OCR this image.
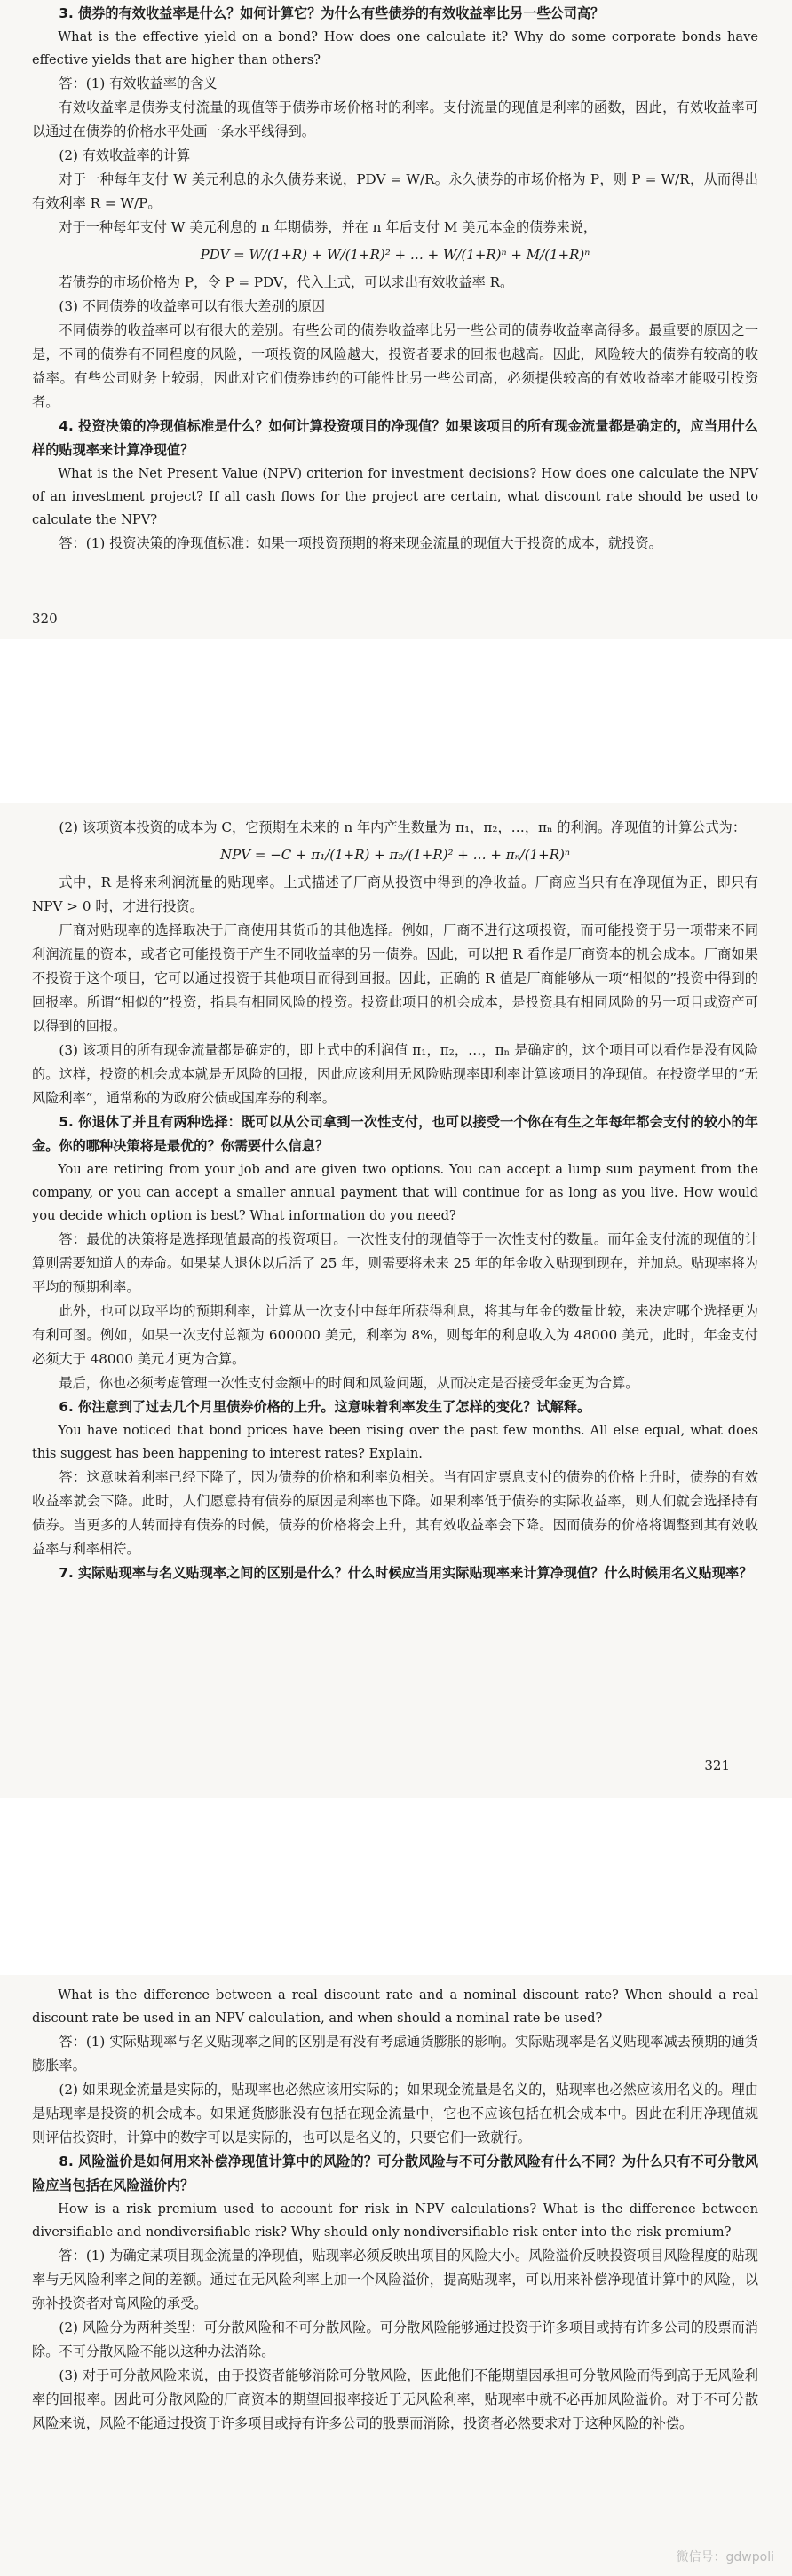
3. 债券的有效收益率是什么？如何计算它？为什么有些债券的有效收益率比另一些公司高？

What is the effective yield on a bond? How does one calculate it? Why do some corporate bonds have effective yields that are higher than others?

答：(1) 有效收益率的含义

有效收益率是债券支付流量的现值等于债券市场价格时的利率。支付流量的现值是利率的函数，因此，有效收益率可以通过在债券的价格水平处画一条水平线得到。

(2) 有效收益率的计算

对于一种每年支付 W 美元利息的永久债券来说，PDV = W/R。永久债券的市场价格为 P，则 P = W/R，从而得出有效利率 R = W/P。

对于一种每年支付 W 美元利息的 n 年期债券，并在 n 年后支付 M 美元本金的债券来说，

PDV = W/(1+R) + W/(1+R)² + … + W/(1+R)ⁿ + M/(1+R)ⁿ

若债券的市场价格为 P，令 P = PDV，代入上式，可以求出有效收益率 R。

(3) 不同债券的收益率可以有很大差别的原因

不同债券的收益率可以有很大的差别。有些公司的债券收益率比另一些公司的债券收益率高得多。最重要的原因之一是，不同的债券有不同程度的风险，一项投资的风险越大，投资者要求的回报也越高。因此，风险较大的债券有较高的收益率。有些公司财务上较弱，因此对它们债券违约的可能性比另一些公司高，必须提供较高的有效收益率才能吸引投资者。

4. 投资决策的净现值标准是什么？如何计算投资项目的净现值？如果该项目的所有现金流量都是确定的，应当用什么样的贴现率来计算净现值？

What is the Net Present Value (NPV) criterion for investment decisions? How does one calculate the NPV of an investment project? If all cash flows for the project are certain, what discount rate should be used to calculate the NPV?

答：(1) 投资决策的净现值标准：如果一项投资预期的将来现金流量的现值大于投资的成本，就投资。

320

(2) 该项资本投资的成本为 C，它预期在未来的 n 年内产生数量为 π₁，π₂，…，πₙ 的利润。净现值的计算公式为：

NPV = −C + π₁/(1+R) + π₂/(1+R)² + … + πₙ/(1+R)ⁿ

式中，R 是将来利润流量的贴现率。上式描述了厂商从投资中得到的净收益。厂商应当只有在净现值为正，即只有 NPV > 0 时，才进行投资。

厂商对贴现率的选择取决于厂商使用其货币的其他选择。例如，厂商不进行这项投资，而可能投资于另一项带来不同利润流量的资本，或者它可能投资于产生不同收益率的另一债券。因此，可以把 R 看作是厂商资本的机会成本。厂商如果不投资于这个项目，它可以通过投资于其他项目而得到回报。因此，正确的 R 值是厂商能够从一项“相似的”投资中得到的回报率。所谓“相似的”投资，指具有相同风险的投资。投资此项目的机会成本，是投资具有相同风险的另一项目或资产可以得到的回报。

(3) 该项目的所有现金流量都是确定的，即上式中的利润值 π₁，π₂，…，πₙ 是确定的，这个项目可以看作是没有风险的。这样，投资的机会成本就是无风险的回报，因此应该利用无风险贴现率即利率计算该项目的净现值。在投资学里的“无风险利率”，通常称的为政府公债或国库券的利率。

5. 你退休了并且有两种选择：既可以从公司拿到一次性支付，也可以接受一个你在有生之年每年都会支付的较小的年金。你的哪种决策将是最优的？你需要什么信息？

You are retiring from your job and are given two options. You can accept a lump sum payment from the company, or you can accept a smaller annual payment that will continue for as long as you live. How would you decide which option is best? What information do you need?

答：最优的决策将是选择现值最高的投资项目。一次性支付的现值等于一次性支付的数量。而年金支付流的现值的计算则需要知道人的寿命。如果某人退休以后活了 25 年，则需要将未来 25 年的年金收入贴现到现在，并加总。贴现率将为平均的预期利率。

此外，也可以取平均的预期利率，计算从一次支付中每年所获得利息，将其与年金的数量比较，来决定哪个选择更为有利可图。例如，如果一次支付总额为 600000 美元，利率为 8%，则每年的利息收入为 48000 美元，此时，年金支付必须大于 48000 美元才更为合算。

最后，你也必须考虑管理一次性支付金额中的时间和风险问题，从而决定是否接受年金更为合算。

6. 你注意到了过去几个月里债券价格的上升。这意味着利率发生了怎样的变化？试解释。

You have noticed that bond prices have been rising over the past few months. All else equal, what does this suggest has been happening to interest rates? Explain.

答：这意味着利率已经下降了，因为债券的价格和利率负相关。当有固定票息支付的债券的价格上升时，债券的有效收益率就会下降。此时，人们愿意持有债券的原因是利率也下降。如果利率低于债券的实际收益率，则人们就会选择持有债券。当更多的人转而持有债券的时候，债券的价格将会上升，其有效收益率会下降。因而债券的价格将调整到其有效收益率与利率相符。

7. 实际贴现率与名义贴现率之间的区别是什么？什么时候应当用实际贴现率来计算净现值？什么时候用名义贴现率？

321

What is the difference between a real discount rate and a nominal discount rate? When should a real discount rate be used in an NPV calculation, and when should a nominal rate be used?

答：(1) 实际贴现率与名义贴现率之间的区别是有没有考虑通货膨胀的影响。实际贴现率是名义贴现率减去预期的通货膨胀率。

(2) 如果现金流量是实际的，贴现率也必然应该用实际的；如果现金流量是名义的，贴现率也必然应该用名义的。理由是贴现率是投资的机会成本。如果通货膨胀没有包括在现金流量中，它也不应该包括在机会成本中。因此在利用净现值规则评估投资时，计算中的数字可以是实际的，也可以是名义的，只要它们一致就行。

8. 风险溢价是如何用来补偿净现值计算中的风险的？可分散风险与不可分散风险有什么不同？为什么只有不可分散风险应当包括在风险溢价内？

How is a risk premium used to account for risk in NPV calculations? What is the difference between diversifiable and nondiversifiable risk? Why should only nondiversifiable risk enter into the risk premium?

答：(1) 为确定某项目现金流量的净现值，贴现率必须反映出项目的风险大小。风险溢价反映投资项目风险程度的贴现率与无风险利率之间的差额。通过在无风险利率上加一个风险溢价，提高贴现率，可以用来补偿净现值计算中的风险，以弥补投资者对高风险的承受。

(2) 风险分为两种类型：可分散风险和不可分散风险。可分散风险能够通过投资于许多项目或持有许多公司的股票而消除。不可分散风险不能以这种办法消除。

(3) 对于可分散风险来说，由于投资者能够消除可分散风险，因此他们不能期望因承担可分散风险而得到高于无风险利率的回报率。因此可分散风险的厂商资本的期望回报率接近于无风险利率，贴现率中就不必再加风险溢价。对于不可分散风险来说，风险不能通过投资于许多项目或持有许多公司的股票而消除，投资者必然要求对于这种风险的补偿。

微信号：gdwpoli
